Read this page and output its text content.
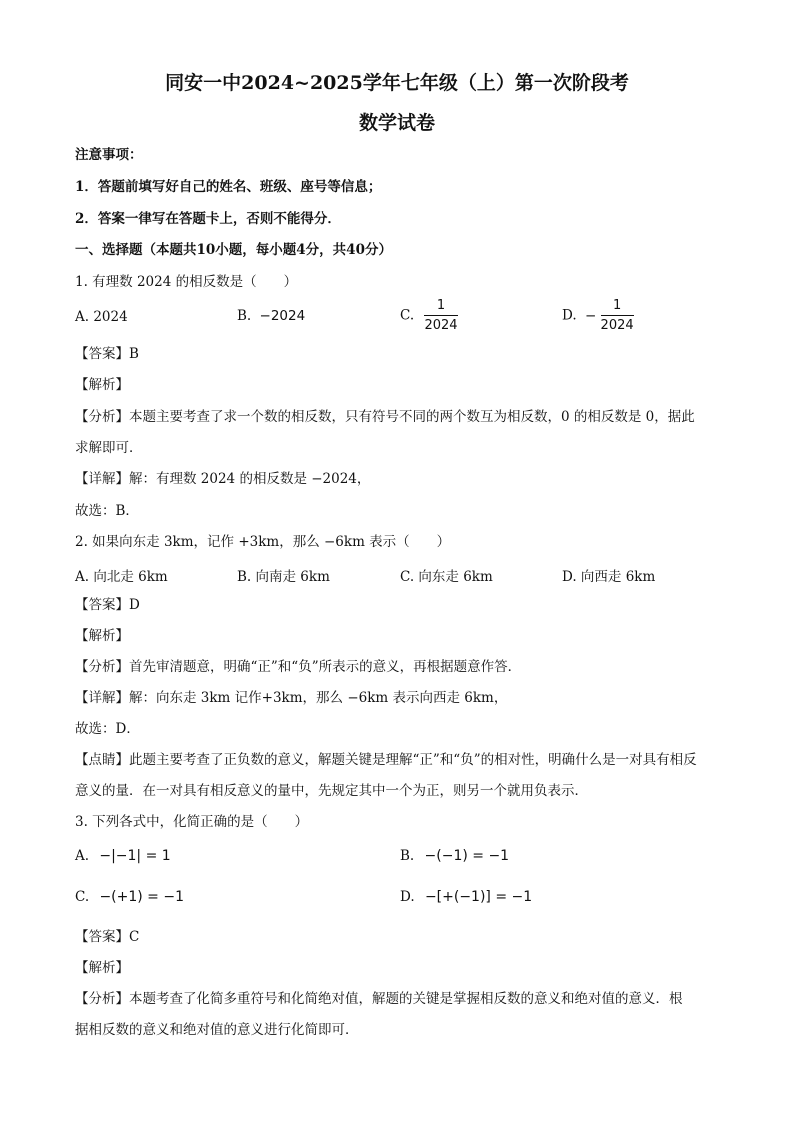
同安一中2024~2025学年七年级（上）第一次阶段考
数学试卷
注意事项：
1．答题前填写好自己的姓名、班级、座号等信息；
2．答案一律写在答题卡上，否则不能得分．
一、选择题（本题共10小题，每小题4分，共40分）
1. 有理数 2024 的相反数是（　　）
A. 2024	B. −2024	C. $\frac{1}{2024}$	D. − $\frac{1}{2024}$
【答案】B
【解析】
【分析】本题主要考查了求一个数的相反数，只有符号不同的两个数互为相反数，0 的相反数是 0，据此
求解即可．
【详解】解：有理数 2024 的相反数是 −2024，
故选：B．
2. 如果向东走 3km，记作 +3km，那么 −6km 表示（　　）
A. 向北走 6km	B. 向南走 6km	C. 向东走 6km	D. 向西走 6km
【答案】D
【解析】
【分析】首先审清题意，明确“正”和“负”所表示的意义，再根据题意作答．
【详解】解：向东走 3km 记作+3km，那么 −6km 表示向西走 6km，
故选：D．
【点睛】此题主要考查了正负数的意义，解题关键是理解“正”和“负”的相对性，明确什么是一对具有相反
意义的量．在一对具有相反意义的量中，先规定其中一个为正，则另一个就用负表示．
3. 下列各式中，化简正确的是（　　）
A. −|−1| = 1	B. −(−1) = −1
C. −(+1) = −1	D. −[+(−1)] = −1
【答案】C
【解析】
【分析】本题考查了化简多重符号和化简绝对值，解题的关键是掌握相反数的意义和绝对值的意义．根
据相反数的意义和绝对值的意义进行化简即可．
